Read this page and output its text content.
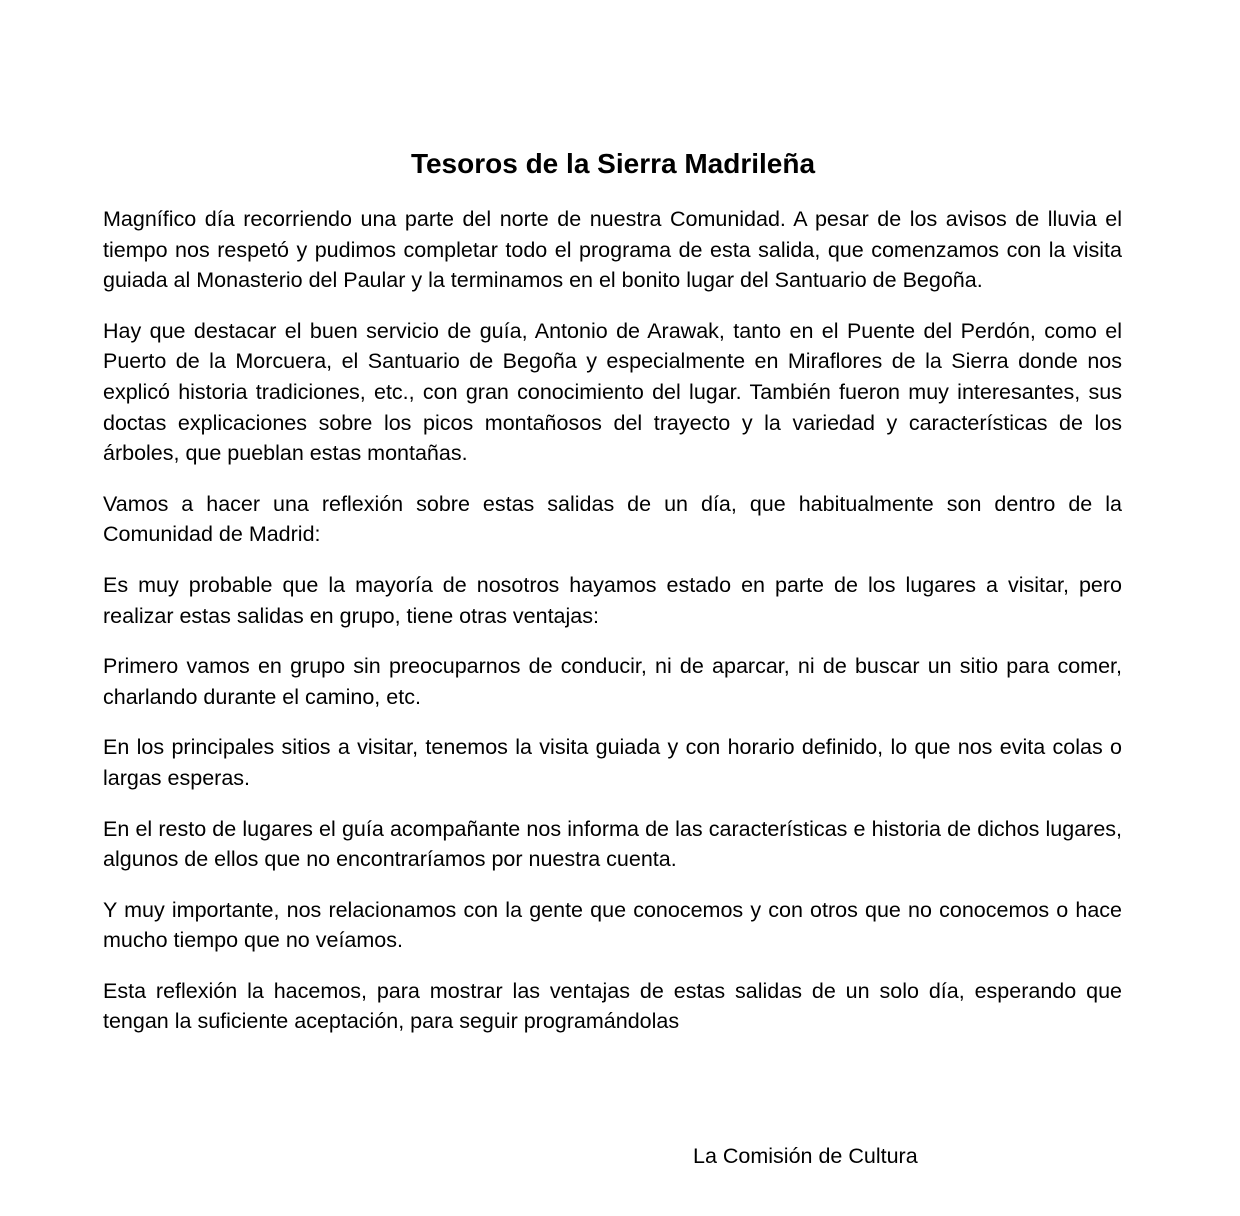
Tesoros de la Sierra Madrileña

Magnífico día recorriendo una parte del norte de nuestra Comunidad. A pesar de los avisos de lluvia el tiempo nos respetó y pudimos completar todo el programa de esta salida, que comenzamos con la visita guiada al Monasterio del Paular y la terminamos en el bonito lugar del Santuario de Begoña.

Hay que destacar el buen servicio de guía, Antonio de Arawak, tanto en el Puente del Perdón, como el Puerto de la Morcuera, el Santuario de Begoña y especialmente en Miraflores de la Sierra donde nos explicó historia tradiciones, etc., con gran conocimiento del lugar. También fueron muy interesantes, sus doctas explicaciones sobre los picos montañosos del trayecto y la variedad y características de los árboles, que pueblan estas montañas.

Vamos a hacer una reflexión sobre estas salidas de un día, que habitualmente son dentro de la Comunidad de Madrid:

Es muy probable que la mayoría de nosotros hayamos estado en parte de los lugares a visitar, pero realizar estas salidas en grupo, tiene otras ventajas:

Primero vamos en grupo sin preocuparnos de conducir, ni de aparcar, ni de buscar un sitio para comer, charlando durante el camino, etc.

En los principales sitios a visitar, tenemos la visita guiada y con horario definido, lo que nos evita colas o largas esperas.

En el resto de lugares el guía acompañante nos informa de las características e historia de dichos lugares, algunos de ellos que no encontraríamos por nuestra cuenta.

Y muy importante, nos relacionamos con la gente que conocemos y con otros que no conocemos o hace mucho tiempo que no veíamos.

Esta reflexión la hacemos, para mostrar las ventajas de estas salidas de un solo día, esperando que tengan la suficiente aceptación, para seguir programándolas

La Comisión de Cultura
